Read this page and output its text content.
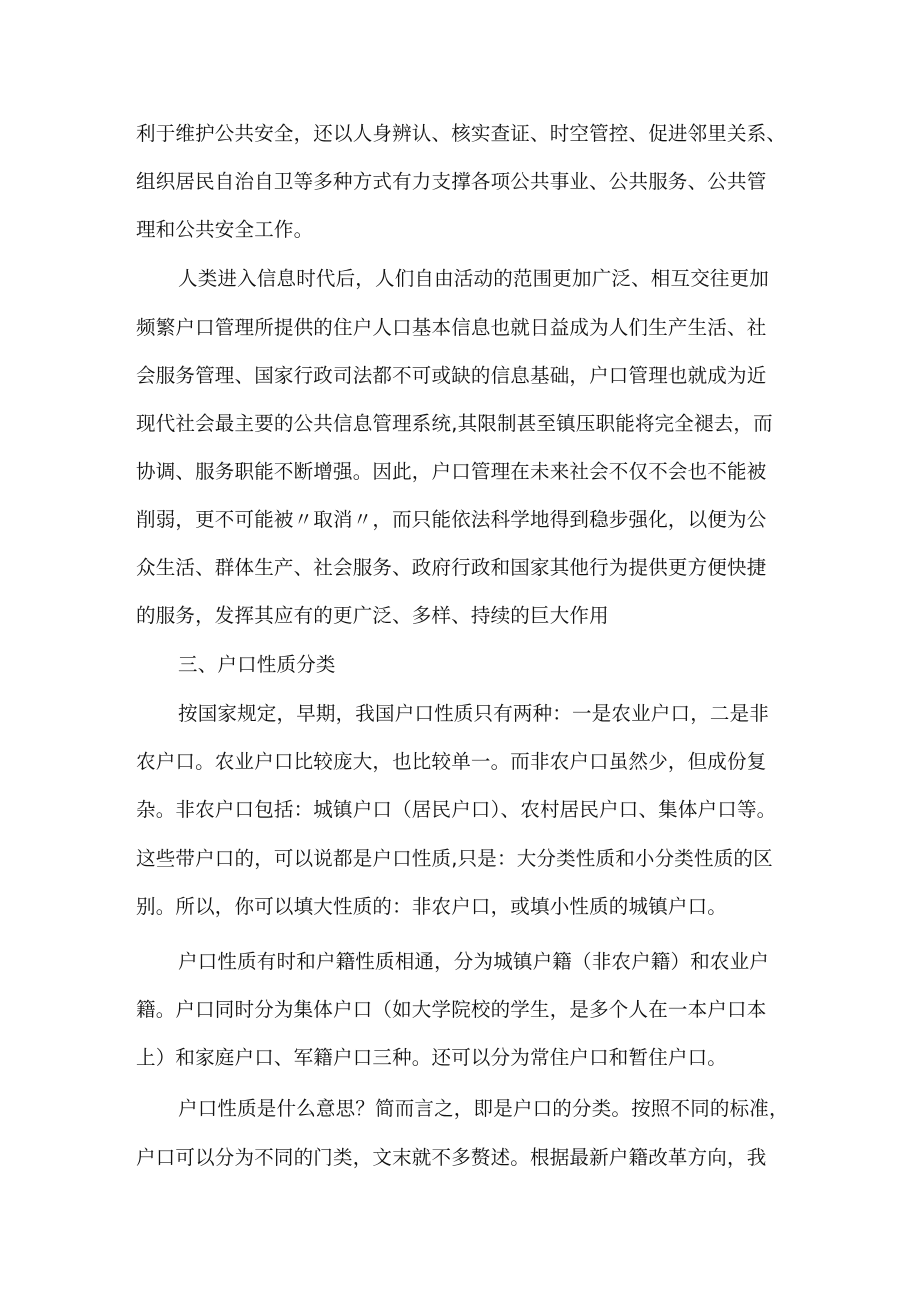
利于维护公共安全，还以人身辨认、核实查证、时空管控、促进邻里关系、
组织居民自治自卫等多种方式有力支撑各项公共事业、公共服务、公共管
理和公共安全工作。
人类进入信息时代后，人们自由活动的范围更加广泛、相互交往更加
频繁户口管理所提供的住户人口基本信息也就日益成为人们生产生活、社
会服务管理、国家行政司法都不可或缺的信息基础，户口管理也就成为近
现代社会最主要的公共信息管理系统,其限制甚至镇压职能将完全褪去，而
协调、服务职能不断增强。因此，户口管理在未来社会不仅不会也不能被
削弱，更不可能被〃取消〃，而只能依法科学地得到稳步强化，以便为公
众生活、群体生产、社会服务、政府行政和国家其他行为提供更方便快捷
的服务，发挥其应有的更广泛、多样、持续的巨大作用
三、户口性质分类
按国家规定，早期，我国户口性质只有两种：一是农业户口，二是非
农户口。农业户口比较庞大，也比较单一。而非农户口虽然少，但成份复
杂。非农户口包括：城镇户口（居民户口）、农村居民户口、集体户口等。
这些带户口的，可以说都是户口性质,只是：大分类性质和小分类性质的区
别。所以，你可以填大性质的：非农户口，或填小性质的城镇户口。
户口性质有时和户籍性质相通，分为城镇户籍（非农户籍）和农业户
籍。户口同时分为集体户口（如大学院校的学生，是多个人在一本户口本
上）和家庭户口、军籍户口三种。还可以分为常住户口和暂住户口。
户口性质是什么意思？简而言之，即是户口的分类。按照不同的标准，
户口可以分为不同的门类，文末就不多赘述。根据最新户籍改革方向，我
